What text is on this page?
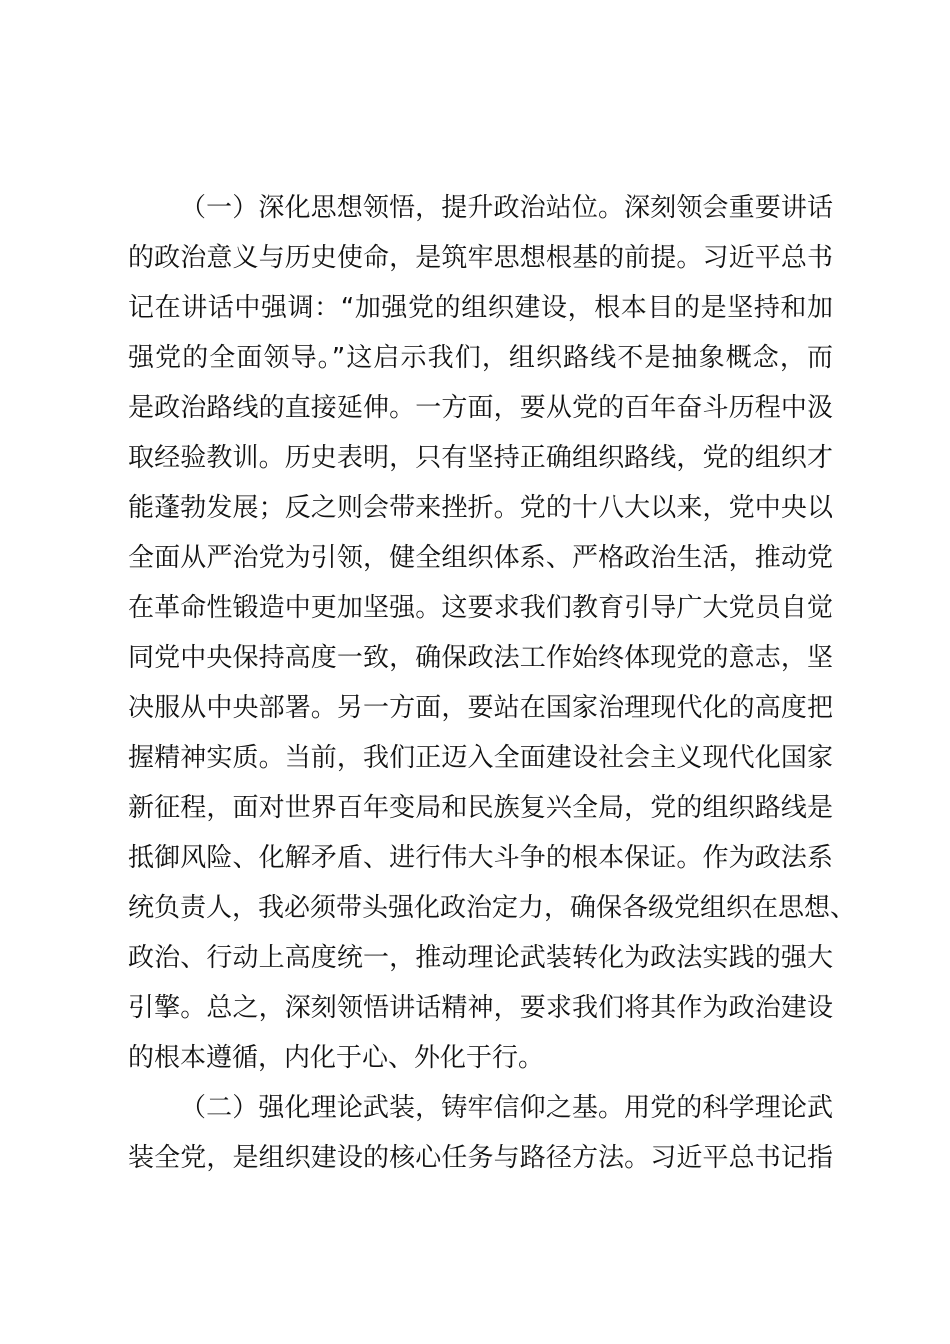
（一）深化思想领悟，提升政治站位。深刻领会重要讲话
的政治意义与历史使命，是筑牢思想根基的前提。习近平总书
记在讲话中强调：“加强党的组织建设，根本目的是坚持和加
强党的全面领导。”这启示我们，组织路线不是抽象概念，而
是政治路线的直接延伸。一方面，要从党的百年奋斗历程中汲
取经验教训。历史表明，只有坚持正确组织路线，党的组织才
能蓬勃发展；反之则会带来挫折。党的十八大以来，党中央以
全面从严治党为引领，健全组织体系、严格政治生活，推动党
在革命性锻造中更加坚强。这要求我们教育引导广大党员自觉
同党中央保持高度一致，确保政法工作始终体现党的意志，坚
决服从中央部署。另一方面，要站在国家治理现代化的高度把
握精神实质。当前，我们正迈入全面建设社会主义现代化国家
新征程，面对世界百年变局和民族复兴全局，党的组织路线是
抵御风险、化解矛盾、进行伟大斗争的根本保证。作为政法系
统负责人，我必须带头强化政治定力，确保各级党组织在思想、
政治、行动上高度统一，推动理论武装转化为政法实践的强大
引擎。总之，深刻领悟讲话精神，要求我们将其作为政治建设
的根本遵循，内化于心、外化于行。
（二）强化理论武装，铸牢信仰之基。用党的科学理论武
装全党，是组织建设的核心任务与路径方法。习近平总书记指
